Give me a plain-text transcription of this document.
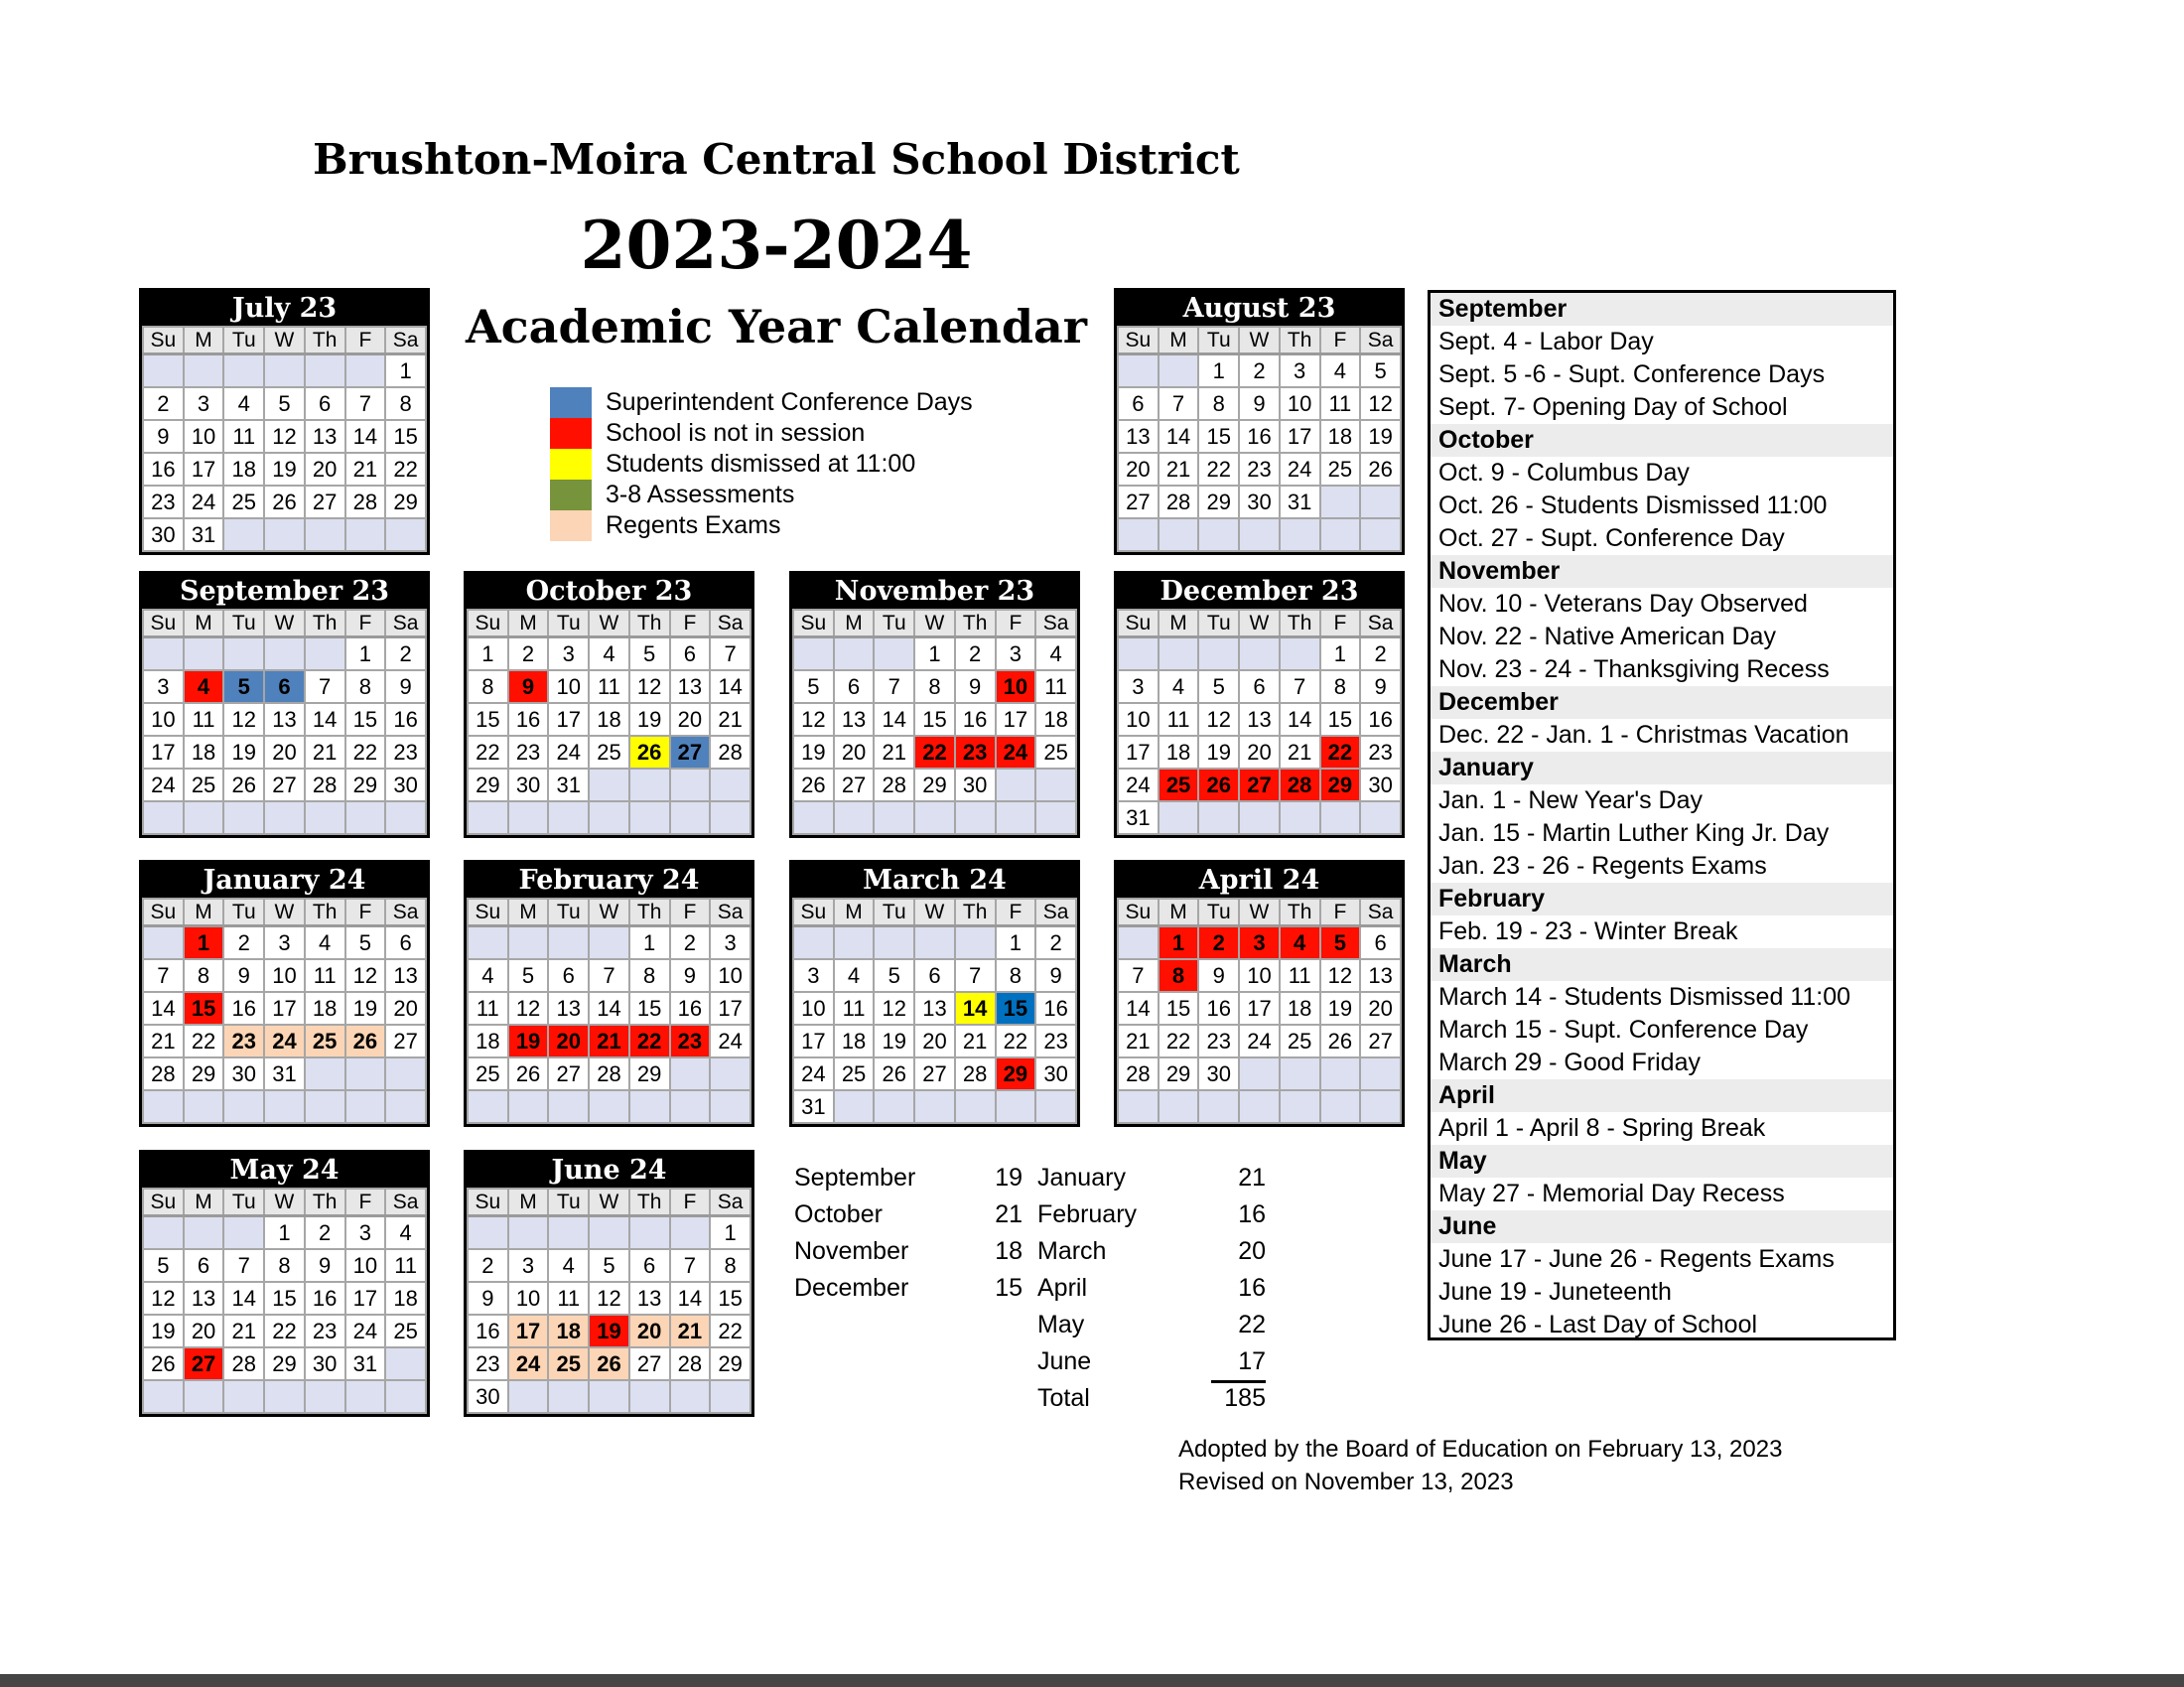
Brushton-Moira Central School District
2023-2024
Academic Year Calendar
Superintendent Conference Days
School is not in session
Students dismissed at 11:00
3-8 Assessments
Regents Exams
July 23
Su	M	Tu	W	Th	F	Sa
						1
2	3	4	5	6	7	8
9	10	11	12	13	14	15
16	17	18	19	20	21	22
23	24	25	26	27	28	29
30	31					
August 23
Su	M	Tu	W	Th	F	Sa
		1	2	3	4	5
6	7	8	9	10	11	12
13	14	15	16	17	18	19
20	21	22	23	24	25	26
27	28	29	30	31		

September 23
Su	M	Tu	W	Th	F	Sa
					1	2
3	4	5	6	7	8	9
10	11	12	13	14	15	16
17	18	19	20	21	22	23
24	25	26	27	28	29	30

October 23
Su	M	Tu	W	Th	F	Sa
1	2	3	4	5	6	7
8	9	10	11	12	13	14
15	16	17	18	19	20	21
22	23	24	25	26	27	28
29	30	31				

November 23
Su	M	Tu	W	Th	F	Sa
			1	2	3	4
5	6	7	8	9	10	11
12	13	14	15	16	17	18
19	20	21	22	23	24	25
26	27	28	29	30		

December 23
Su	M	Tu	W	Th	F	Sa
					1	2
3	4	5	6	7	8	9
10	11	12	13	14	15	16
17	18	19	20	21	22	23
24	25	26	27	28	29	30
31						
January 24
Su	M	Tu	W	Th	F	Sa
	1	2	3	4	5	6
7	8	9	10	11	12	13
14	15	16	17	18	19	20
21	22	23	24	25	26	27
28	29	30	31			

February 24
Su	M	Tu	W	Th	F	Sa
				1	2	3
4	5	6	7	8	9	10
11	12	13	14	15	16	17
18	19	20	21	22	23	24
25	26	27	28	29		

March 24
Su	M	Tu	W	Th	F	Sa
					1	2
3	4	5	6	7	8	9
10	11	12	13	14	15	16
17	18	19	20	21	22	23
24	25	26	27	28	29	30
31						
April 24
Su	M	Tu	W	Th	F	Sa
	1	2	3	4	5	6
7	8	9	10	11	12	13
14	15	16	17	18	19	20
21	22	23	24	25	26	27
28	29	30				

May 24
Su	M	Tu	W	Th	F	Sa
			1	2	3	4
5	6	7	8	9	10	11
12	13	14	15	16	17	18
19	20	21	22	23	24	25
26	27	28	29	30	31	

June 24
Su	M	Tu	W	Th	F	Sa
						1
2	3	4	5	6	7	8
9	10	11	12	13	14	15
16	17	18	19	20	21	22
23	24	25	26	27	28	29
30						
September
Sept. 4 - Labor Day
Sept. 5 -6 - Supt. Conference Days
Sept. 7- Opening Day of School
October
Oct. 9 - Columbus Day
Oct. 26 - Students Dismissed 11:00
Oct. 27 - Supt. Conference Day
November
Nov. 10 - Veterans Day Observed
Nov. 22 - Native American Day
Nov. 23 - 24 - Thanksgiving Recess
December
Dec. 22 - Jan. 1 - Christmas Vacation
January
Jan. 1 - New Year's Day
Jan. 15 - Martin Luther King Jr. Day
Jan. 23 - 26 - Regents Exams
February
Feb. 19 - 23 - Winter Break
March
March 14 - Students Dismissed 11:00
March 15 - Supt. Conference Day
March 29 - Good Friday
April
April 1 - April 8 - Spring Break
May
May 27 - Memorial Day Recess
June
June 17 - June 26 - Regents Exams
June 19 - Juneteenth
June 26 - Last Day of School
September	19
October	21
November	18
December	15
January	21
February	16
March	20
April	16
May	22
June	17
Total	185
Adopted by the Board of Education on February 13, 2023
Revised on November 13, 2023
